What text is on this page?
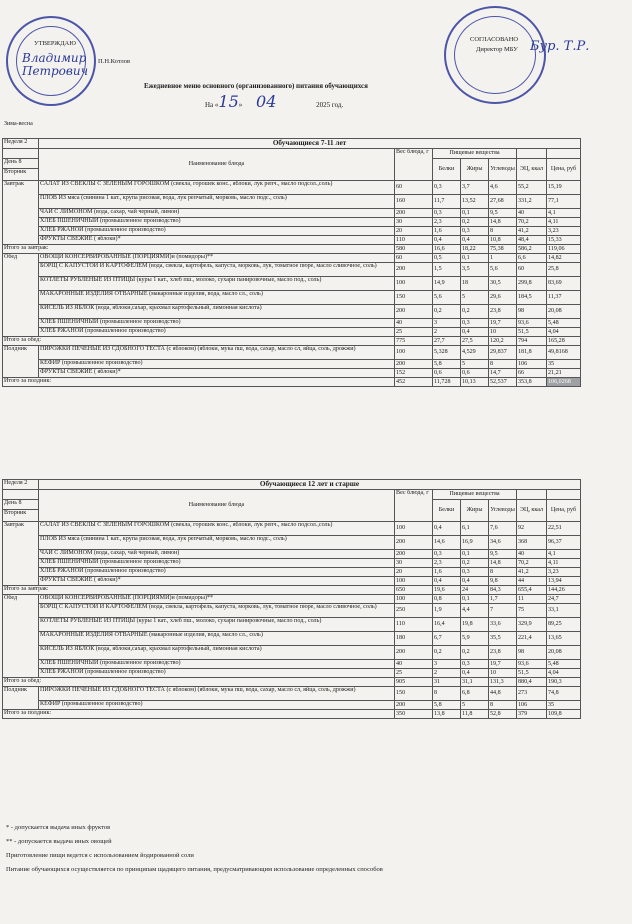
УТВЕРЖДАЮ
Владимир Петрович
П.Н.Котлов
СОГЛАСОВАНО
Директор МБУ Бур. Т.Р.
Ежедневное меню основного (организованного) питания обучающихся
На «15» 04	2025 год.
Зима-весна
Неделя 2	Обучающиеся 7-11 лет						
	Наименование блюда	Вес блюда, г	Пищевые вещества				
День 8			Белки	Жиры	Углеводы	ЭЦ, ккал	Цена, руб
Вторник							
Завтрак	САЛАТ ИЗ СВЁКЛЫ С ЗЕЛЕНЫМ ГОРОШКОМ (свекла, горошек конс., яблоки, лук репч., масло подсол.,соль)	60	0,3	3,7	4,6	55,2	15,19
	ПЛОВ ИЗ мяса (свинина 1 кат., крупа рисовая, вода, лук репчатый, морковь, масло подс., соль)	160	11,7	13,52	27,68	331,2	77,1
	ЧАЙ С ЛИМОНОМ (вода, сахар, чай черный, лимон)	200	0,3	0,1	9,5	40	4,1
	ХЛЕБ ПШЕНИЧНЫЙ (промышленное производство)	30	2,3	0,2	14,8	70,2	4,11
	ХЛЕБ РЖАНОЙ (промышленное производство)	20	1,6	0,3	8	41,2	3,23
	ФРУКТЫ СВЕЖИЕ ( яблоки)*	110	0,4	0,4	10,8	48,4	15,33
Итого за завтрак:		580	16,6	18,22	75,38	586,2	119,06
Обед	ОВОЩИ КОНСЕРВИРОВАННЫЕ (ПОРЦИЯМИ)н (помидоры)**	60	0,5	0,1	1	6,6	14,82
	БОРЩ С КАПУСТОЙ И КАРТОФЕЛЕМ (вода, свекла, картофель, капуста, морковь, лук, томатное пюре, масло сливочное, соль)	200	1,5	3,5	5,6	60	25,8
	КОТЛЕТЫ РУБЛЕНЫЕ ИЗ ПТИЦЫ (куры 1 кат., хлеб пш., молоко, сухари панировочные, масло под., соль)	100	14,9	18	30,5	299,8	83,69
	МАКАРОННЫЕ ИЗДЕЛИЯ ОТВАРНЫЕ (макаронные изделия, вода, масло сл., соль)	150	5,6	5	29,6	184,5	11,37
	КИСЕЛЬ ИЗ ЯБЛОК (вода, яблоки,сахар, крахмал картофельный, лимонная кислота)	200	0,2	0,2	23,8	98	20,08
	ХЛЕБ ПШЕНИЧНЫЙ (промышленное производство)	40	3	0,3	19,7	93,6	5,48
	ХЛЕБ РЖАНОЙ (промышленное производство)	25	2	0,4	10	51,5	4,04
Итого за обед:		775	27,7	27,5	120,2	794	165,28
Полдник	ПИРОЖКИ ПЕЧЕНЫЕ ИЗ СДОБНОГО ТЕСТА (с яблоком) (яблоки, мука пш, вода, сахар, масло сл, яйца, соль, дрожжи)	100	5,328	4,529	29,837	181,8	49,8168
	КЕФИР (промышленное производство)	200	5,8	5	8	106	35
	ФРУКТЫ СВЕЖИЕ ( яблоки)*	152	0,6	0,6	14,7	66	21,21
Итого за полдник:		452	11,728	10,13	52,537	353,8	106,0268
Неделя 2	Обучающиеся 12 лет и старше						
	Наименование блюда	Вес блюда, г	Пищевые вещества				
День 8			Белки	Жиры	Углеводы	ЭЦ, ккал	Цена, руб
Вторник							
Завтрак	САЛАТ ИЗ СВЁКЛЫ С ЗЕЛЕНЫМ ГОРОШКОМ (свекла, горошек конс., яблоки, лук репч., масло подсол.,соль)	100	0,4	6,1	7,6	92	22,51
	ПЛОВ ИЗ мяса (свинина 1 кат., крупа рисовая, вода, лук репчатый, морковь, масло подс., соль)	200	14,6	16,9	34,6	368	96,37
	ЧАЙ С ЛИМОНОМ (вода, сахар, чай черный, лимон)	200	0,3	0,1	9,5	40	4,1
	ХЛЕБ ПШЕНИЧНЫЙ (промышленное производство)	30	2,3	0,2	14,8	70,2	4,11
	ХЛЕБ РЖАНОЙ (промышленное производство)	20	1,6	0,3	8	41,2	3,23
	ФРУКТЫ СВЕЖИЕ ( яблоки)*	100	0,4	0,4	9,8	44	13,94
Итого за завтрак:		650	19,6	24	84,3	655,4	144,26
Обед	ОВОЩИ КОНСЕРВИРОВАННЫЕ (ПОРЦИЯМИ)н (помидоры)**	100	0,8	0,1	1,7	11	24,7
	БОРЩ С КАПУСТОЙ И КАРТОФЕЛЕМ (вода, свекла, картофель, капуста, морковь, лук, томатное пюре, масло сливочное, соль)	250	1,9	4,4	7	75	33,1
	КОТЛЕТЫ РУБЛЕНЫЕ ИЗ ПТИЦЫ (куры 1 кат., хлеб пш., молоко, сухари панировочные, масло под., соль)	110	16,4	19,8	33,6	329,9	89,25
	МАКАРОННЫЕ ИЗДЕЛИЯ ОТВАРНЫЕ (макаронные изделия, вода, масло сл., соль)	180	6,7	5,9	35,5	221,4	13,65
	КИСЕЛЬ ИЗ ЯБЛОК (вода, яблоки,сахар, крахмал картофельный, лимонная кислота)	200	0,2	0,2	23,8	98	20,08
	ХЛЕБ ПШЕНИЧНЫЙ (промышленное производство)	40	3	0,3	19,7	93,6	5,48
	ХЛЕБ РЖАНОЙ (промышленное производство)	25	2	0,4	10	51,5	4,04
Итого за обед:		905	31	31,1	131,3	880,4	190,3
Полдник	ПИРОЖКИ ПЕЧЕНЫЕ ИЗ СДОБНОГО ТЕСТА (с яблоком) (яблоки, мука пш, вода, сахар, масло сл, яйца, соль, дрожжи)	150	8	6,8	44,8	273	74,8
	КЕФИР (промышленное производство)	200	5,8	5	8	106	35
Итого за полдник:		350	13,8	11,8	52,8	379	109,8
* - допускается выдача иных фруктов
** - допускается выдача иных овощей
Приготовление пищи ведется с использованием йодированной соли
Питание обучающихся осуществляется по принципам щадящего питания, предусматривающим использование определенных способов
